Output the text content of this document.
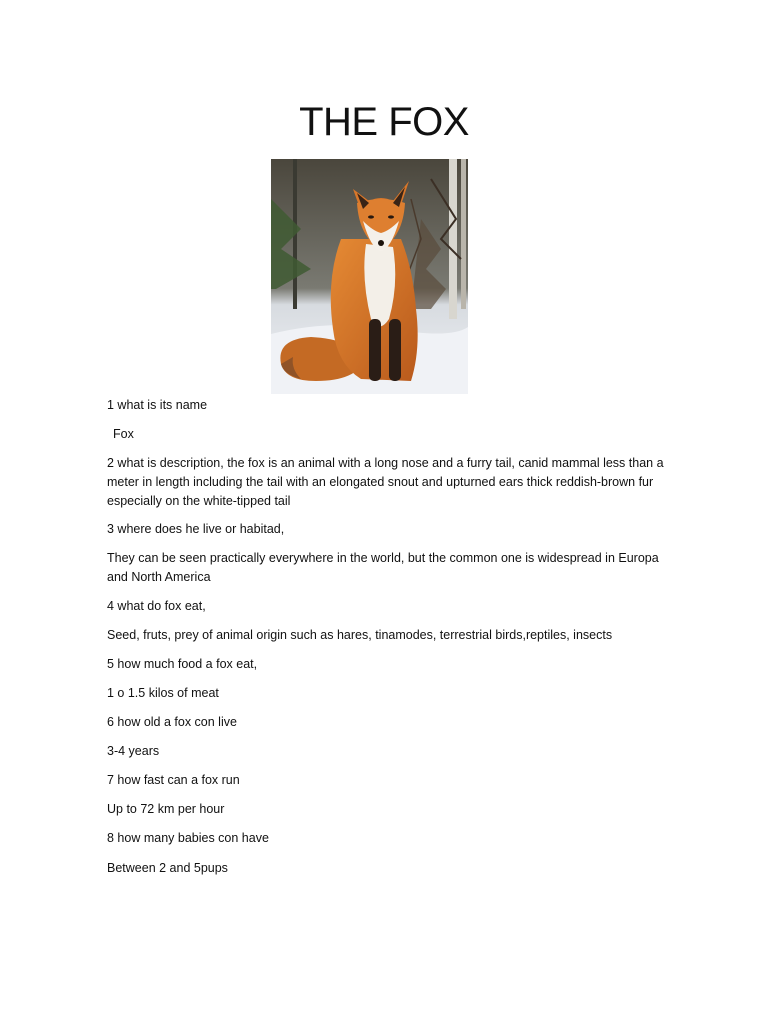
THE FOX

1 what is its name

Fox

2 what is description, the fox is an animal with a long nose and a furry tail, canid mammal less than a meter in length including the tail with an elongated snout and upturned ears thick reddish-brown fur especially on the white-tipped tail

3 where does he live or habitad,

They can be seen practically everywhere in the world, but the common one is widespread in Europa and North America

4 what do fox eat,

Seed, fruts, prey of animal origin such as hares, tinamodes, terrestrial birds,reptiles, insects

5 how much food a fox eat,

1 o 1.5 kilos of meat

6 how old a fox con live

3-4 years

7 how fast can a fox run

Up to 72 km per hour

8 how many babies con have

Between 2 and 5pups
